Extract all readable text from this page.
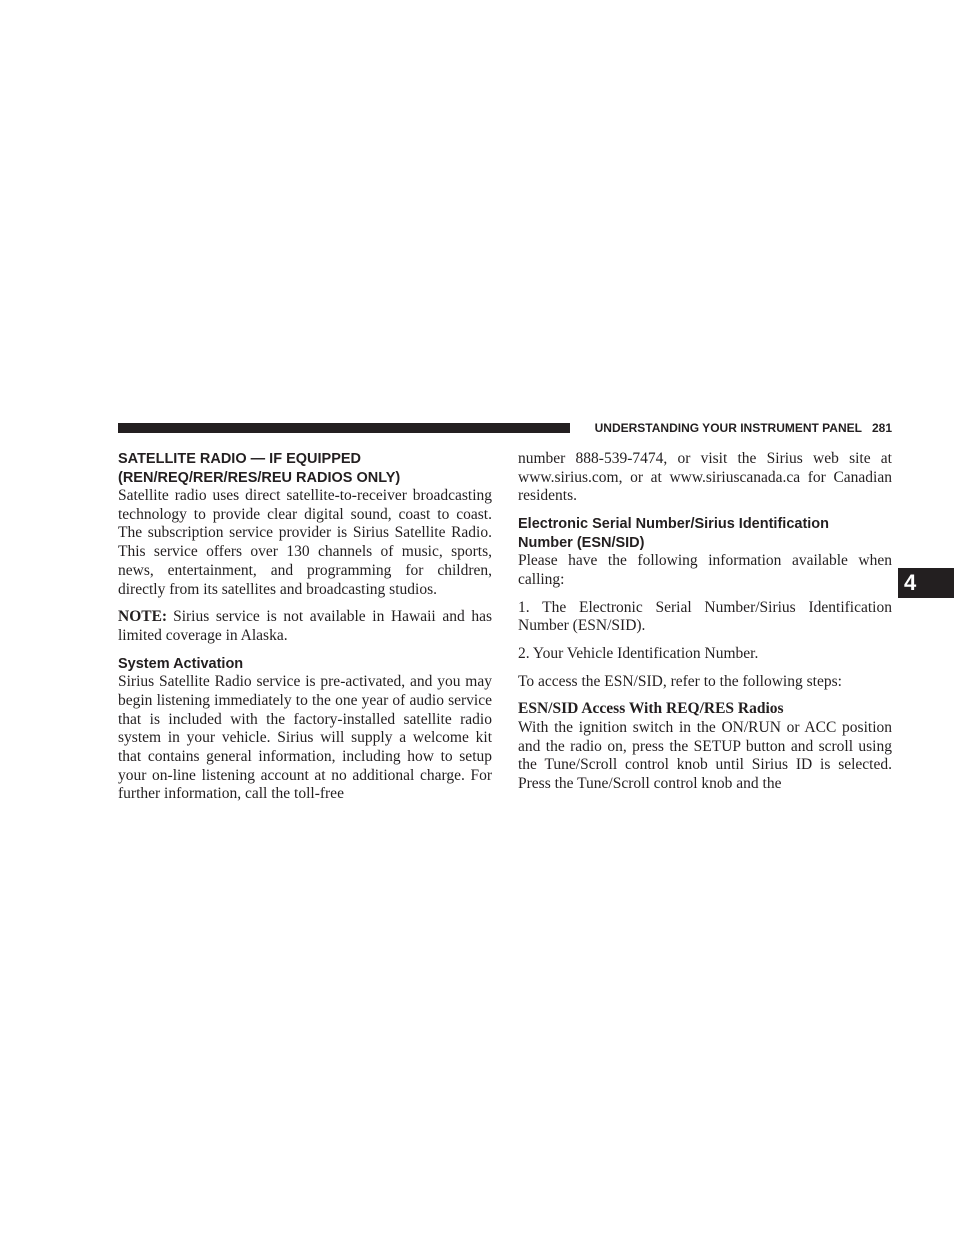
UNDERSTANDING YOUR INSTRUMENT PANEL 281
SATELLITE RADIO — IF EQUIPPED
(REN/REQ/RER/RES/REU RADIOS ONLY)

Satellite radio uses direct satellite-to-receiver broadcasting technology to provide clear digital sound, coast to coast. The subscription service provider is Sirius Satellite Radio. This service offers over 130 channels of music, sports, news, entertainment, and programming for children, directly from its satellites and broadcasting studios.

NOTE: Sirius service is not available in Hawaii and has limited coverage in Alaska.

System Activation

Sirius Satellite Radio service is pre-activated, and you may begin listening immediately to the one year of audio service that is included with the factory-installed satellite radio system in your vehicle. Sirius will supply a welcome kit that contains general information, including how to setup your on-line listening account at no additional charge. For further information, call the toll-free

number 888-539-7474, or visit the Sirius web site at www.sirius.com, or at www.siriuscanada.ca for Canadian residents.

Electronic Serial Number/Sirius Identification
Number (ESN/SID)

Please have the following information available when calling:

1. The Electronic Serial Number/Sirius Identification Number (ESN/SID).

2. Your Vehicle Identification Number.

To access the ESN/SID, refer to the following steps:

ESN/SID Access With REQ/RES Radios

With the ignition switch in the ON/RUN or ACC position and the radio on, press the SETUP button and scroll using the Tune/Scroll control knob until Sirius ID is selected. Press the Tune/Scroll control knob and the

4
